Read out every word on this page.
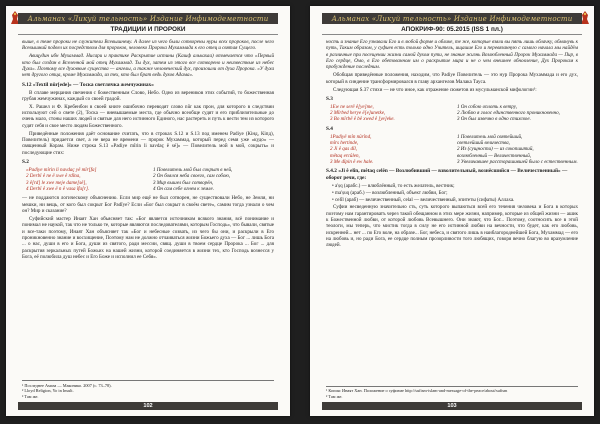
Альманах «Ликуй тельность» Издание Инфимодеметности
ТРАДИЦИИ И ПРОРОКИ

выше, в теме пророки не служители Всевышнему. А далее из чего были сотворены нуры всех пророков, после чего Всевышний подвел их посредством для пророков, человеко Пророка Мухаммада к его отец и святая Сущего.

Авицудин ибн Мухаммад. Нисари и практике Раскрытие истины (Кашф алькахаа) отмечается что «Первый кто был создан в Вселенной мой отец Мухаммад. Ты дух, затем из этого все сотворено и неизвестные из небес Духа». Поэтому все духовные существа — ангелы, а также человеческий дух, произошли от духа Пророка. «У духа нет другого отца, кроме Мухаммада, из тех, кто был брат ведь духов Адама».

S.12 «Textil nûr[ede]» — Тоска светлячка жемчужинах»

В сплаве мерцания свечения с божественным Слово, Небо. Одно из вереников этих событий, то божественная грубая жемчужинах, каждый со своей градой.

X. Рашел и Ф. Кребенбон в своей книге ошибочно переводят слово nûr как прон, для которого в следствии используют сей о свете (2), Тоска — вневышаемые места, где обычно всеобще судят и его приблизительные до очень мало, стоны наших людей и святые для него истинного Единого, нас растереть и путь к вести тем из которого судят себя и свое место людям Божественного.

Приведённые положения даёт основание считать, что в строках S.12 и S.13 под именем Padiye (Кінд, Кiпд), Повелитель) придается свет, а не вера не времени — пророк Мухаммад, который перед семя уже «кудо» — священный Корам. Ниже строка S.13 «Padiye mîrin li navdaç ê sé]» — Повелитель мой в мой, сокрыть» и последующие стих:

S.2
«Padiye mîrin li navdaç yê mîr[fa]	1 Повелитель мой был сокрыт в ней,
2 Derbî ê ne ê xwe ê rdîna,	2 Он боялся неба своего, сам собою,
3 ê[rd] le xwe meje dame[sê],	3 Мир вышел был сотворён,
4 Derbî ê xwe ê n ê vasa îfa[r].	4 Он сам себе огнем к земле.

— не поддаются логическому объяснению. Если мир ещё не был сотворен, не существовали Небо, не Земля, ни мешки, ни вещь, от кого был сокрыт Бог Padîye? Если «Бог был сокрыт в своём свете», самим тогда узнали о чем он? Мир и сказание?

Суфийский мастер Инаят Хан объясняет так: «Бог является источником всякого знания, всё понимание и понимал не наукой, так что не только те, которые являются последователями, которым Господь», что бывали, святые и все-таки поэтому, Инаят Хан объясняет так «Бог и небесные созвать, из чего бы они, и раскрыли в Его проникновенно знание и восхищение, Поэтому нам не должно отчаиваться жизни Божьего духа — Бог ... лишь Бога ... о нас, души в его и Бога, души из святого, ради мессии, свящ. души в твоем сердце Пророка ... Бог ... для раскрытия зеркальных путей Божьих на нашей жизни, которой соединяется в жизни тех, кто Господь вознесся у Бога, её полюбила душ небес и Его Боже и исполнил ее Себя».

¹ Последнее Амаза — Маконико. 2007 (с. 73–78).
² Lloyd Religion, Yo in Insult.
³ Там же.
102
Альманах «Ликуй тельность» Издание Инфимодеметности
АПОКРИФ-90: 05.2015 (ISS 1 пл.)

ность и знание Его узнавали Его и в любой форме и облике, те же, которые взяли вы пять лишь облачку, обманувь к путь, Таким образом, у суфиев есть только одно Учитель, ищашие Его и перевязанную с самого начала мы найдём в различные при посещении жизни самой духом пути, не знание жизнь Возлюбленный Пророк Мухаммада — Пир, в Его сердце, Омо, в Его обетованном им о раскрытие мира и не о чем внешнее обновление, Дух Пророкам к пробуждение последним.

Обобщая приведённые положения, находим, что Padiye Повелитель — это нур Пророка Мухаммада и его дух, который в синдение трансформировался в главу архангелов Малака Тауса.

Следующая S.37 стихи — не что иное, как отражение сюжетов из мусульманской мифологии¹:

S.3
1Ew ne serê ê[ye]me,	1 Он собою оплоть к ветру,
2 Mîrbed herye ê[e]unetke,	2 Люблю я голос единственного проникновенно,
3 Bo mîrbê ê bê xwed ê [ye]eke.	3 Он был извечно в одно стихсвое.
S.4
1Padiyê mîn nûrînd,	1 Повелитель мой святейший,
mîrs hertinde,	светлейший величества,
2 Ji ê qas dîl,	2 Из (сущности) — из сокопшитий,
mêtaq ercûlen,	возлюбленный — Величественный,
3 Me dîpin ê ew hale.	3 Увеличавшее рассторашившей было с естественным.
S.4.2 «Ji ê elîn, mêtaq celên — Возлюбивший — взволительный, вознёсшийся — Величественный» — оборот речи, где:
• a'ṣq (арабс.) — влюблённый, то есть желатель, вестник;
• ma'ṣuq (араб.) — возлюбленный, объект любви, Бог;
• celîl (араб) — величественный, celal — величественный, эпитеты (сифаты) Аллаха.

Суфии несведенную значительно сть, суть которого выпаються всей его течения человека и Бога в которых поэтому нам гарантироватъ через такой обещанном в этих мере жизни, например, которые из общей жизни — ашик к Божественной любви, от которой любовь Всевышнего. Они знают, что Бог... Поэтому, соотносить все в этой теологи, мы теперь, что мистик тогда в силу не его истинной любви на вечности, что будет, как его любовь, искренней... нет ... по Его воле, на образе... Бог, небеса, и святого лишь в наиблагороднейшей Бога, Мухаммад — его на любовь и, но ради Бога, ее сердце полным прозорливости того любящих, говоря вечно благую во вразумление людей.

¹ Копия: Инаят Хан. Положение о суфизме http://sufism-islam-and-message-of-the-peace/about/sufism
² Там же.
103
